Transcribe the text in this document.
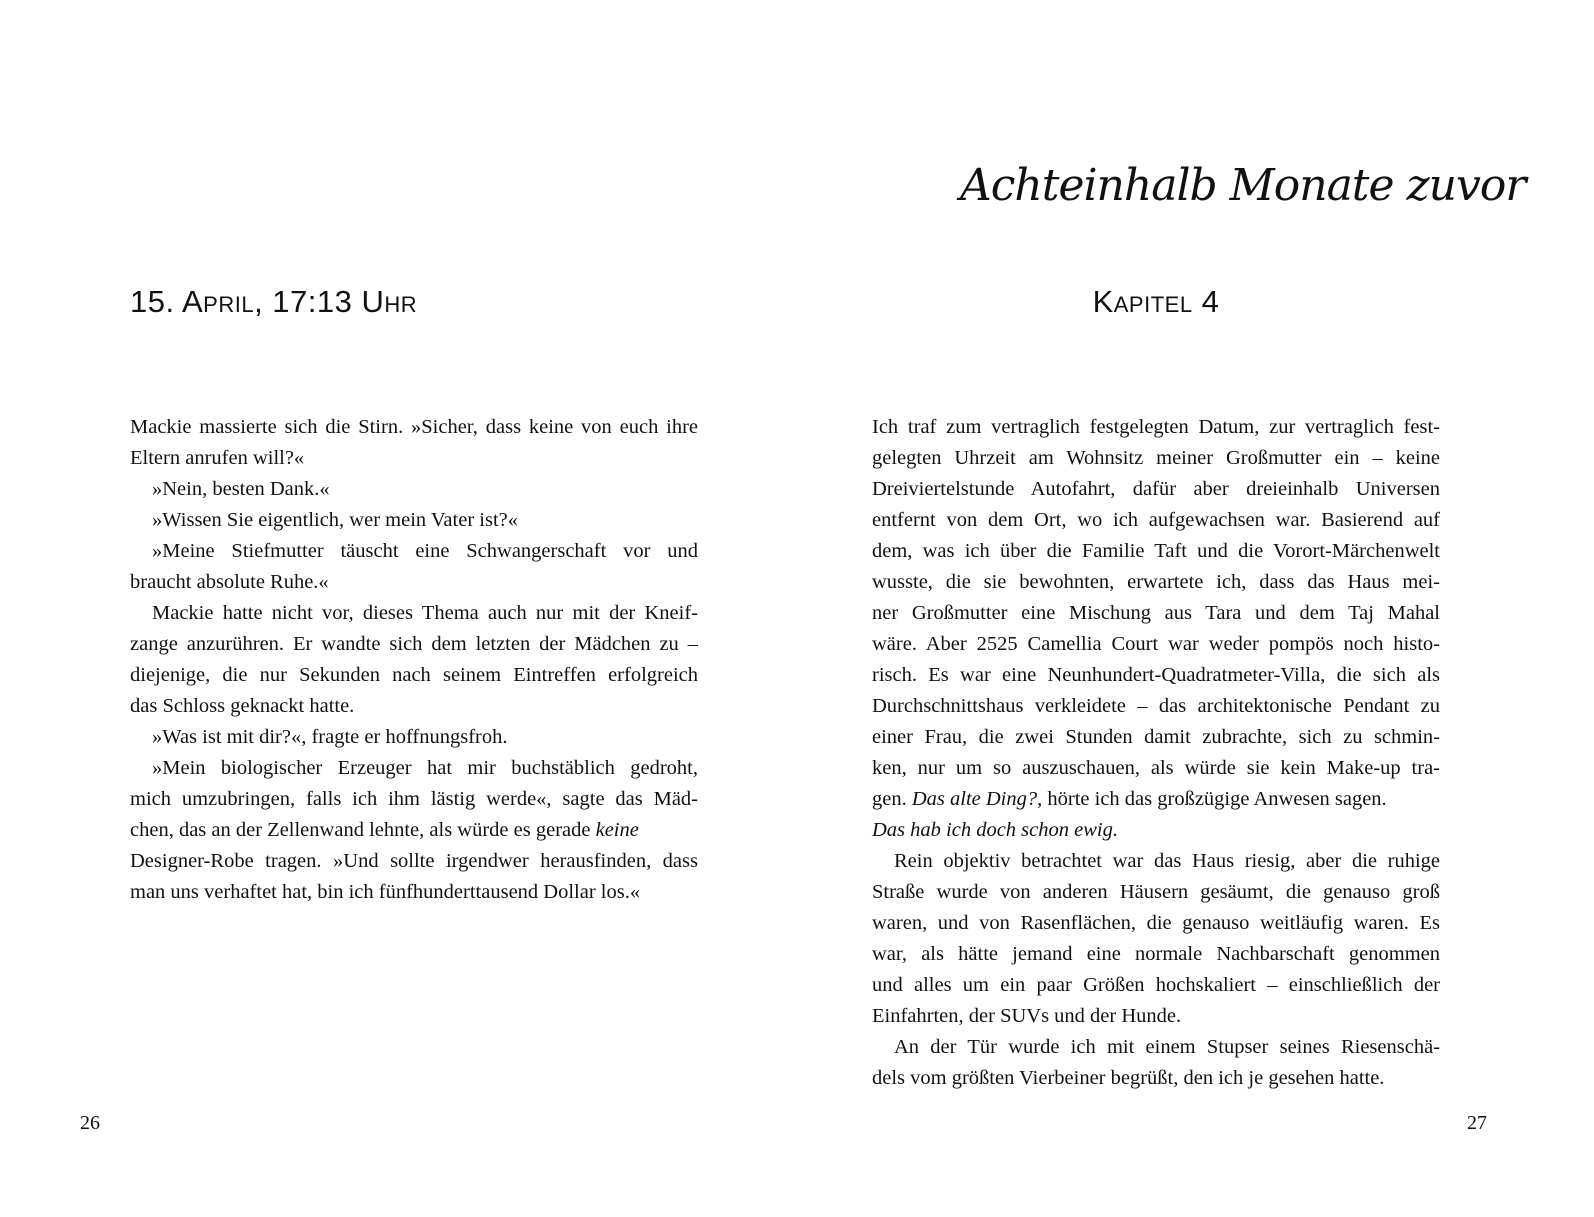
15. April, 17:13 Uhr
Mackie massierte sich die Stirn. »Sicher, dass keine von euch ihre
Eltern anrufen will?«
»Nein, besten Dank.«
»Wissen Sie eigentlich, wer mein Vater ist?«
»Meine Stiefmutter täuscht eine Schwangerschaft vor und
braucht absolute Ruhe.«
Mackie hatte nicht vor, dieses Thema auch nur mit der Kneif-
zange anzurühren. Er wandte sich dem letzten der Mädchen zu –
diejenige, die nur Sekunden nach seinem Eintreffen erfolgreich
das Schloss geknackt hatte.
»Was ist mit dir?«, fragte er hoffnungsfroh.
»Mein biologischer Erzeuger hat mir buchstäblich gedroht,
mich umzubringen, falls ich ihm lästig werde«, sagte das Mäd-
chen, das an der Zellenwand lehnte, als würde es gerade keine
Designer-Robe tragen. »Und sollte irgendwer herausfinden, dass
man uns verhaftet hat, bin ich fünfhunderttausend Dollar los.«
26
Achteinhalb Monate zuvor
Kapitel 4
Ich traf zum vertraglich festgelegten Datum, zur vertraglich fest-
gelegten Uhrzeit am Wohnsitz meiner Großmutter ein – keine
Dreiviertelstunde Autofahrt, dafür aber dreieinhalb Universen
entfernt von dem Ort, wo ich aufgewachsen war. Basierend auf
dem, was ich über die Familie Taft und die Vorort-Märchenwelt
wusste, die sie bewohnten, erwartete ich, dass das Haus mei-
ner Großmutter eine Mischung aus Tara und dem Taj Mahal
wäre. Aber 2525 Camellia Court war weder pompös noch histo-
risch. Es war eine Neunhundert-Quadratmeter-Villa, die sich als
Durchschnittshaus verkleidete – das architektonische Pendant zu
einer Frau, die zwei Stunden damit zubrachte, sich zu schmin-
ken, nur um so auszuschauen, als würde sie kein Make-up tra-
gen. Das alte Ding?, hörte ich das großzügige Anwesen sagen.
Das hab ich doch schon ewig.
Rein objektiv betrachtet war das Haus riesig, aber die ruhige
Straße wurde von anderen Häusern gesäumt, die genauso groß
waren, und von Rasenflächen, die genauso weitläufig waren. Es
war, als hätte jemand eine normale Nachbarschaft genommen
und alles um ein paar Größen hochskaliert – einschließlich der
Einfahrten, der SUVs und der Hunde.
An der Tür wurde ich mit einem Stupser seines Riesenschä-
dels vom größten Vierbeiner begrüßt, den ich je gesehen hatte.
27
